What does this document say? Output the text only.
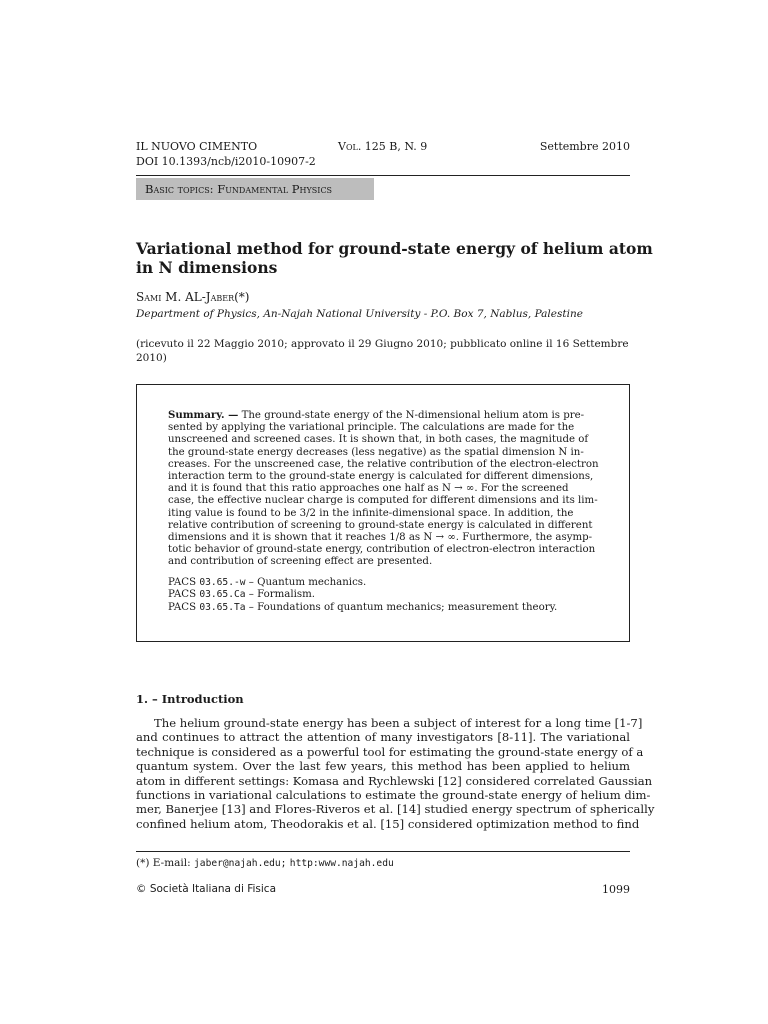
IL NUOVO CIMENTO
DOI 10.1393/ncb/i2010-10907-2
Vol. 125 B, N. 9	Settembre 2010
Basic topics: Fundamental Physics
Variational method for ground-state energy of helium atom
in N dimensions
Sami M. AL-Jaber(*)
Department of Physics, An-Najah National University - P.O. Box 7, Nablus, Palestine
(ricevuto il 22 Maggio 2010; approvato il 29 Giugno 2010; pubblicato online il 16 Settembre
2010)
Summary. — The ground-state energy of the N-dimensional helium atom is pre-
sented by applying the variational principle. The calculations are made for the
unscreened and screened cases. It is shown that, in both cases, the magnitude of
the ground-state energy decreases (less negative) as the spatial dimension N in-
creases. For the unscreened case, the relative contribution of the electron-electron
interaction term to the ground-state energy is calculated for different dimensions,
and it is found that this ratio approaches one half as N → ∞. For the screened
case, the effective nuclear charge is computed for different dimensions and its lim-
iting value is found to be 3/2 in the infinite-dimensional space. In addition, the
relative contribution of screening to ground-state energy is calculated in different
dimensions and it is shown that it reaches 1/8 as N → ∞. Furthermore, the asymp-
totic behavior of ground-state energy, contribution of electron-electron interaction
and contribution of screening effect are presented.
PACS 03.65.-w – Quantum mechanics.
PACS 03.65.Ca – Formalism.
PACS 03.65.Ta – Foundations of quantum mechanics; measurement theory.
1. – Introduction
The helium ground-state energy has been a subject of interest for a long time [1-7]
and continues to attract the attention of many investigators [8-11]. The variational
technique is considered as a powerful tool for estimating the ground-state energy of a
quantum system. Over the last few years, this method has been applied to helium
atom in different settings: Komasa and Rychlewski [12] considered correlated Gaussian
functions in variational calculations to estimate the ground-state energy of helium dim-
mer, Banerjee [13] and Flores-Riveros et al. [14] studied energy spectrum of spherically
confined helium atom, Theodorakis et al. [15] considered optimization method to find
(*) E-mail: jaber@najah.edu; http:www.najah.edu
© Società Italiana di Fisica	1099
